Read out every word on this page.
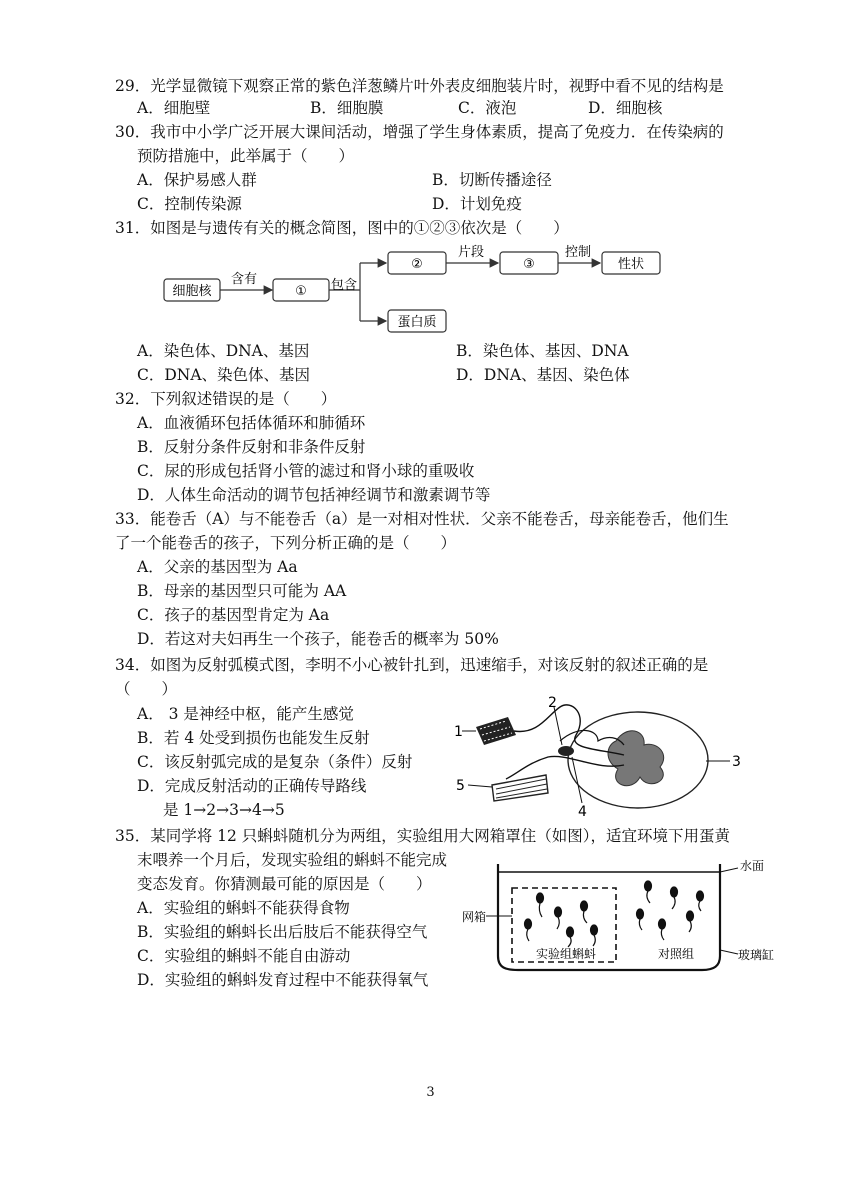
29．光学显微镜下观察正常的紫色洋葱鳞片叶外表皮细胞装片时，视野中看不见的结构是
A．细胞壁	B．细胞膜	C．液泡	D．细胞核
30．我市中小学广泛开展大课间活动，增强了学生身体素质，提高了免疫力．在传染病的
预防措施中，此举属于（　　）
A．保护易感人群	B．切断传播途径
C．控制传染源	D．计划免疫
31．如图是与遗传有关的概念简图，图中的①②③依次是（　　）
细胞核
含有
① 包含
②
片段
③
控制
性状
蛋白质
A．染色体、DNA、基因	B．染色体、基因、DNA
C．DNA、染色体、基因	D．DNA、基因、染色体
32．下列叙述错误的是（　　）
A．血液循环包括体循环和肺循环
B．反射分条件反射和非条件反射
C．尿的形成包括肾小管的滤过和肾小球的重吸收
D．人体生命活动的调节包括神经调节和激素调节等
33．能卷舌（A）与不能卷舌（a）是一对相对性状．父亲不能卷舌，母亲能卷舌，他们生
了一个能卷舌的孩子，下列分析正确的是（　　）
A．父亲的基因型为 Aa
B．母亲的基因型只可能为 AA
C．孩子的基因型肯定为 Aa
D．若这对夫妇再生一个孩子，能卷舌的概率为 50%
34．如图为反射弧模式图，李明不小心被针扎到，迅速缩手，对该反射的叙述正确的是
（　　）
A． 3 是神经中枢，能产生感觉
B．若 4 处受到损伤也能发生反射
C．该反射弧完成的是复杂（条件）反射
D．完成反射活动的正确传导路线
是 1→2→3→4→5
1
2
3
4
5
35．某同学将 12 只蝌蚪随机分为两组，实验组用大网箱罩住（如图），适宜环境下用蛋黄
末喂养一个月后，发现实验组的蝌蚪不能完成
变态发育。你猜测最可能的原因是（　　）
A．实验组的蝌蚪不能获得食物
B．实验组的蝌蚪长出后肢后不能获得空气
C．实验组的蝌蚪不能自由游动
D．实验组的蝌蚪发育过程中不能获得氧气
水面
网箱
玻璃缸
实验组蝌蚪	对照组
3
